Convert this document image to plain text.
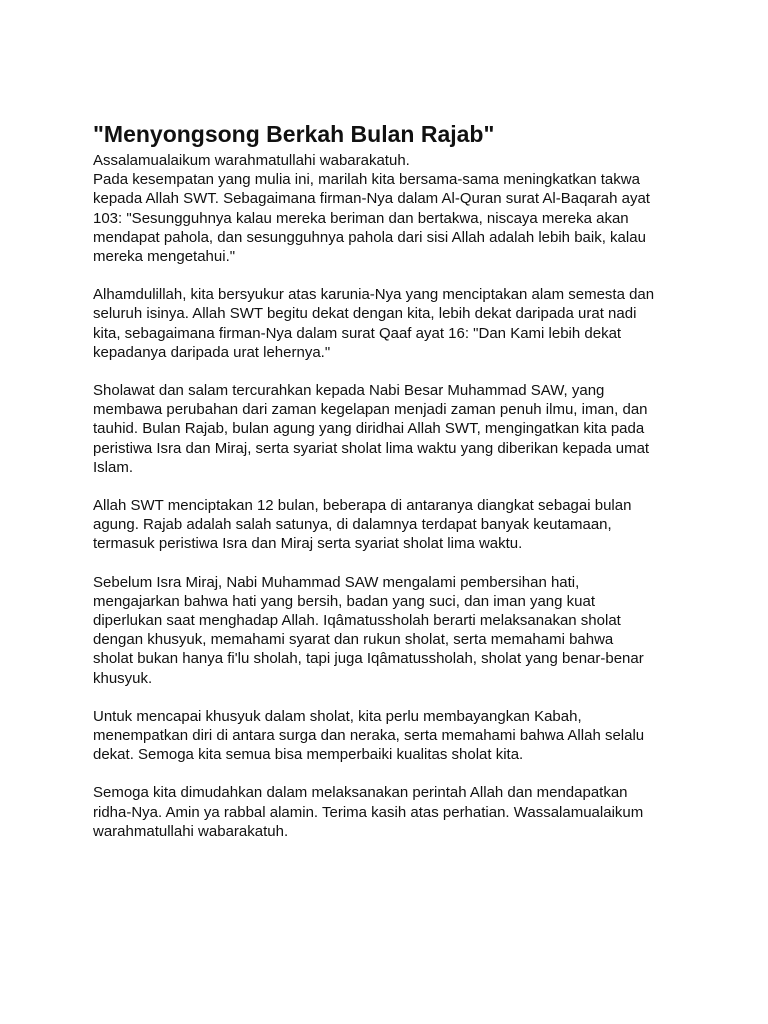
"Menyongsong Berkah Bulan Rajab"

Assalamualaikum warahmatullahi wabarakatuh.
Pada kesempatan yang mulia ini, marilah kita bersama-sama meningkatkan takwa
kepada Allah SWT. Sebagaimana firman-Nya dalam Al-Quran surat Al-Baqarah ayat
103: "Sesungguhnya kalau mereka beriman dan bertakwa, niscaya mereka akan
mendapat pahola, dan sesungguhnya pahola dari sisi Allah adalah lebih baik, kalau
mereka mengetahui."

Alhamdulillah, kita bersyukur atas karunia-Nya yang menciptakan alam semesta dan
seluruh isinya. Allah SWT begitu dekat dengan kita, lebih dekat daripada urat nadi
kita, sebagaimana firman-Nya dalam surat Qaaf ayat 16: "Dan Kami lebih dekat
kepadanya daripada urat lehernya."

Sholawat dan salam tercurahkan kepada Nabi Besar Muhammad SAW, yang
membawa perubahan dari zaman kegelapan menjadi zaman penuh ilmu, iman, dan
tauhid. Bulan Rajab, bulan agung yang diridhai Allah SWT, mengingatkan kita pada
peristiwa Isra dan Miraj, serta syariat sholat lima waktu yang diberikan kepada umat
Islam.

Allah SWT menciptakan 12 bulan, beberapa di antaranya diangkat sebagai bulan
agung. Rajab adalah salah satunya, di dalamnya terdapat banyak keutamaan,
termasuk peristiwa Isra dan Miraj serta syariat sholat lima waktu.

Sebelum Isra Miraj, Nabi Muhammad SAW mengalami pembersihan hati,
mengajarkan bahwa hati yang bersih, badan yang suci, dan iman yang kuat
diperlukan saat menghadap Allah. Iqâmatussholah berarti melaksanakan sholat
dengan khusyuk, memahami syarat dan rukun sholat, serta memahami bahwa
sholat bukan hanya fi'lu sholah, tapi juga Iqâmatussholah, sholat yang benar-benar
khusyuk.

Untuk mencapai khusyuk dalam sholat, kita perlu membayangkan Kabah,
menempatkan diri di antara surga dan neraka, serta memahami bahwa Allah selalu
dekat. Semoga kita semua bisa memperbaiki kualitas sholat kita.

Semoga kita dimudahkan dalam melaksanakan perintah Allah dan mendapatkan
ridha-Nya. Amin ya rabbal alamin. Terima kasih atas perhatian. Wassalamualaikum
warahmatullahi wabarakatuh.
